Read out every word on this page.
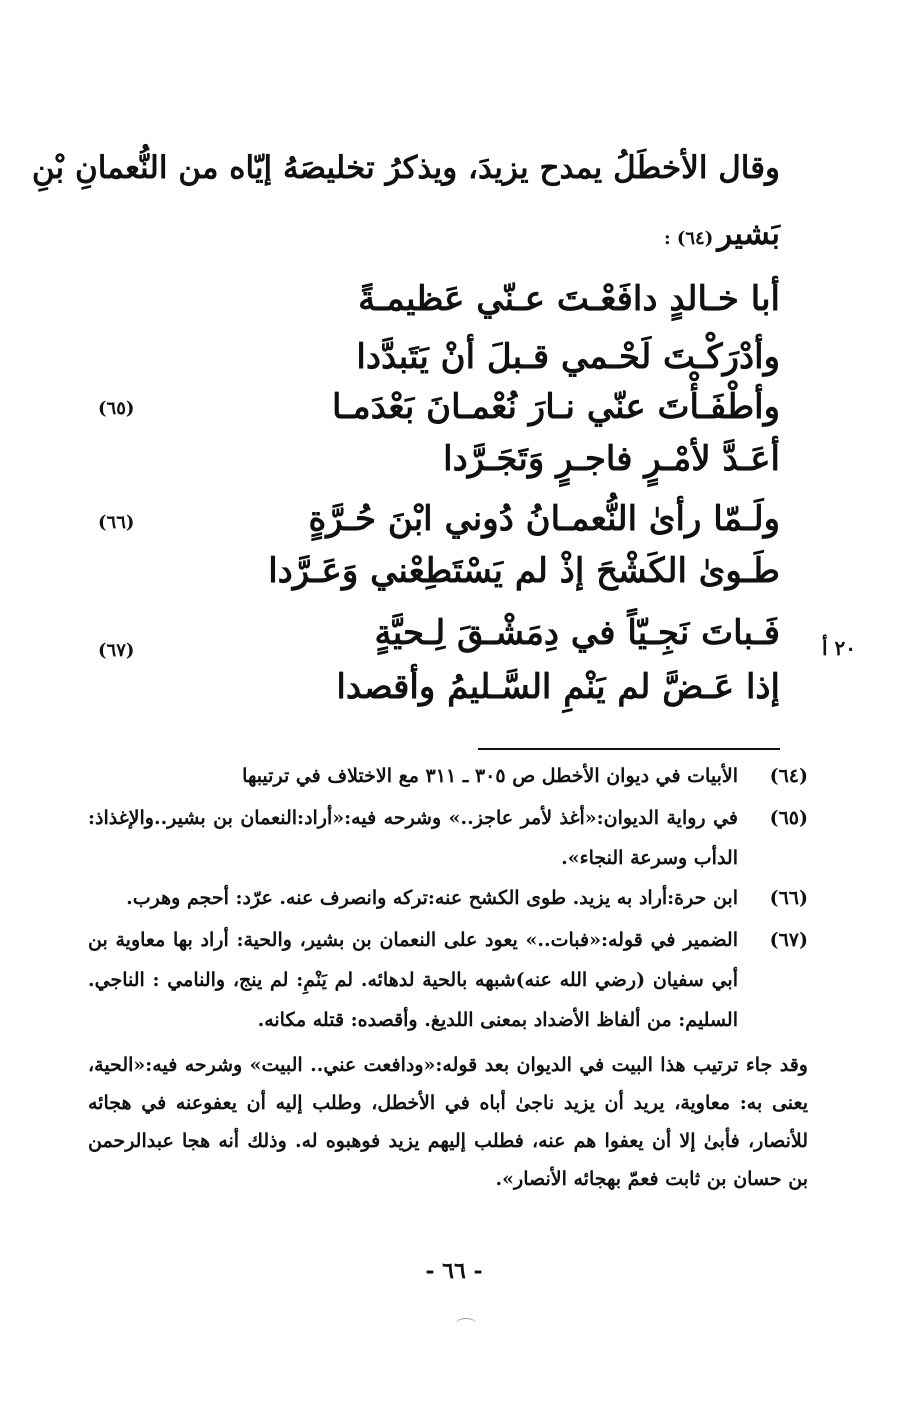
وقال الأخطَلُ يمدح يزيدَ، ويذكرُ تخليصَهُ إيّاه من النُّعمانِ بْنِ
بَشير(٦٤) :
أبا خـالدٍ دافَعْـتَ عـنّي عَظيمـةً
وأدْرَكْـتَ لَحْـمي قـبلَ أنْ يَتَبدَّدا
(٦٥)	وأطْفَـأْتَ عنّي نـارَ نُعْمـانَ بَعْدَمـا
أعَـدَّ لأمْـرٍ فاجـرٍ وَتَجَـرَّدا
(٦٦)	ولَـمّا رأىٰ النُّعمـانُ دُوني ابْنَ حُـرَّةٍ
طَـوىٰ الكَشْحَ إذْ لم يَسْتَطِعْني وَعَـرَّدا
٢٠ أ
(٦٧)	فَـباتَ نَجِـيّاً في دِمَشْـقَ لِـحيَّةٍ
إذا عَـضَّ لم يَنْمِ السَّـليمُ وأقصدا
(٦٤)
الأبيات في ديوان الأخطل ص ٣٠٥ ـ ٣١١ مع الاختلاف في ترتيبها
(٦٥)
في رواية الديوان:«أغذ لأمر عاجز..» وشرحه فيه:«أراد:النعمان بن بشير..والإغذاذ: الدأب وسرعة النجاء».
(٦٦)
ابن حرة:أراد به يزيد. طوى الكشح عنه:تركه وانصرف عنه. عرّد: أحجم وهرب.
(٦٧)
الضمير في قوله:«فبات..» يعود على النعمان بن بشير، والحية: أراد بها معاوية بن أبي سفيان (رضي الله عنه)شبهه بالحية لدهائه. لم يَنْمِ: لم ينج، والنامي : الناجي. السليم: من ألفاظ الأضداد بمعنى اللديغ. وأقصده: قتله مكانه.
وقد جاء ترتيب هذا البيت في الديوان بعد قوله:«ودافعت عني.. البيت» وشرحه فيه:«الحية، يعنى به: معاوية، يريد أن يزيد ناجىٰ أباه في الأخطل، وطلب إليه أن يعفوعنه في هجائه للأنصار، فأبىٰ إلا أن يعفوا هم عنه، فطلب إليهم يزيد فوهبوه له. وذلك أنه هجا عبدالرحمن بن حسان بن ثابت فعمّ بهجائه الأنصار».
- ٦٦ -
